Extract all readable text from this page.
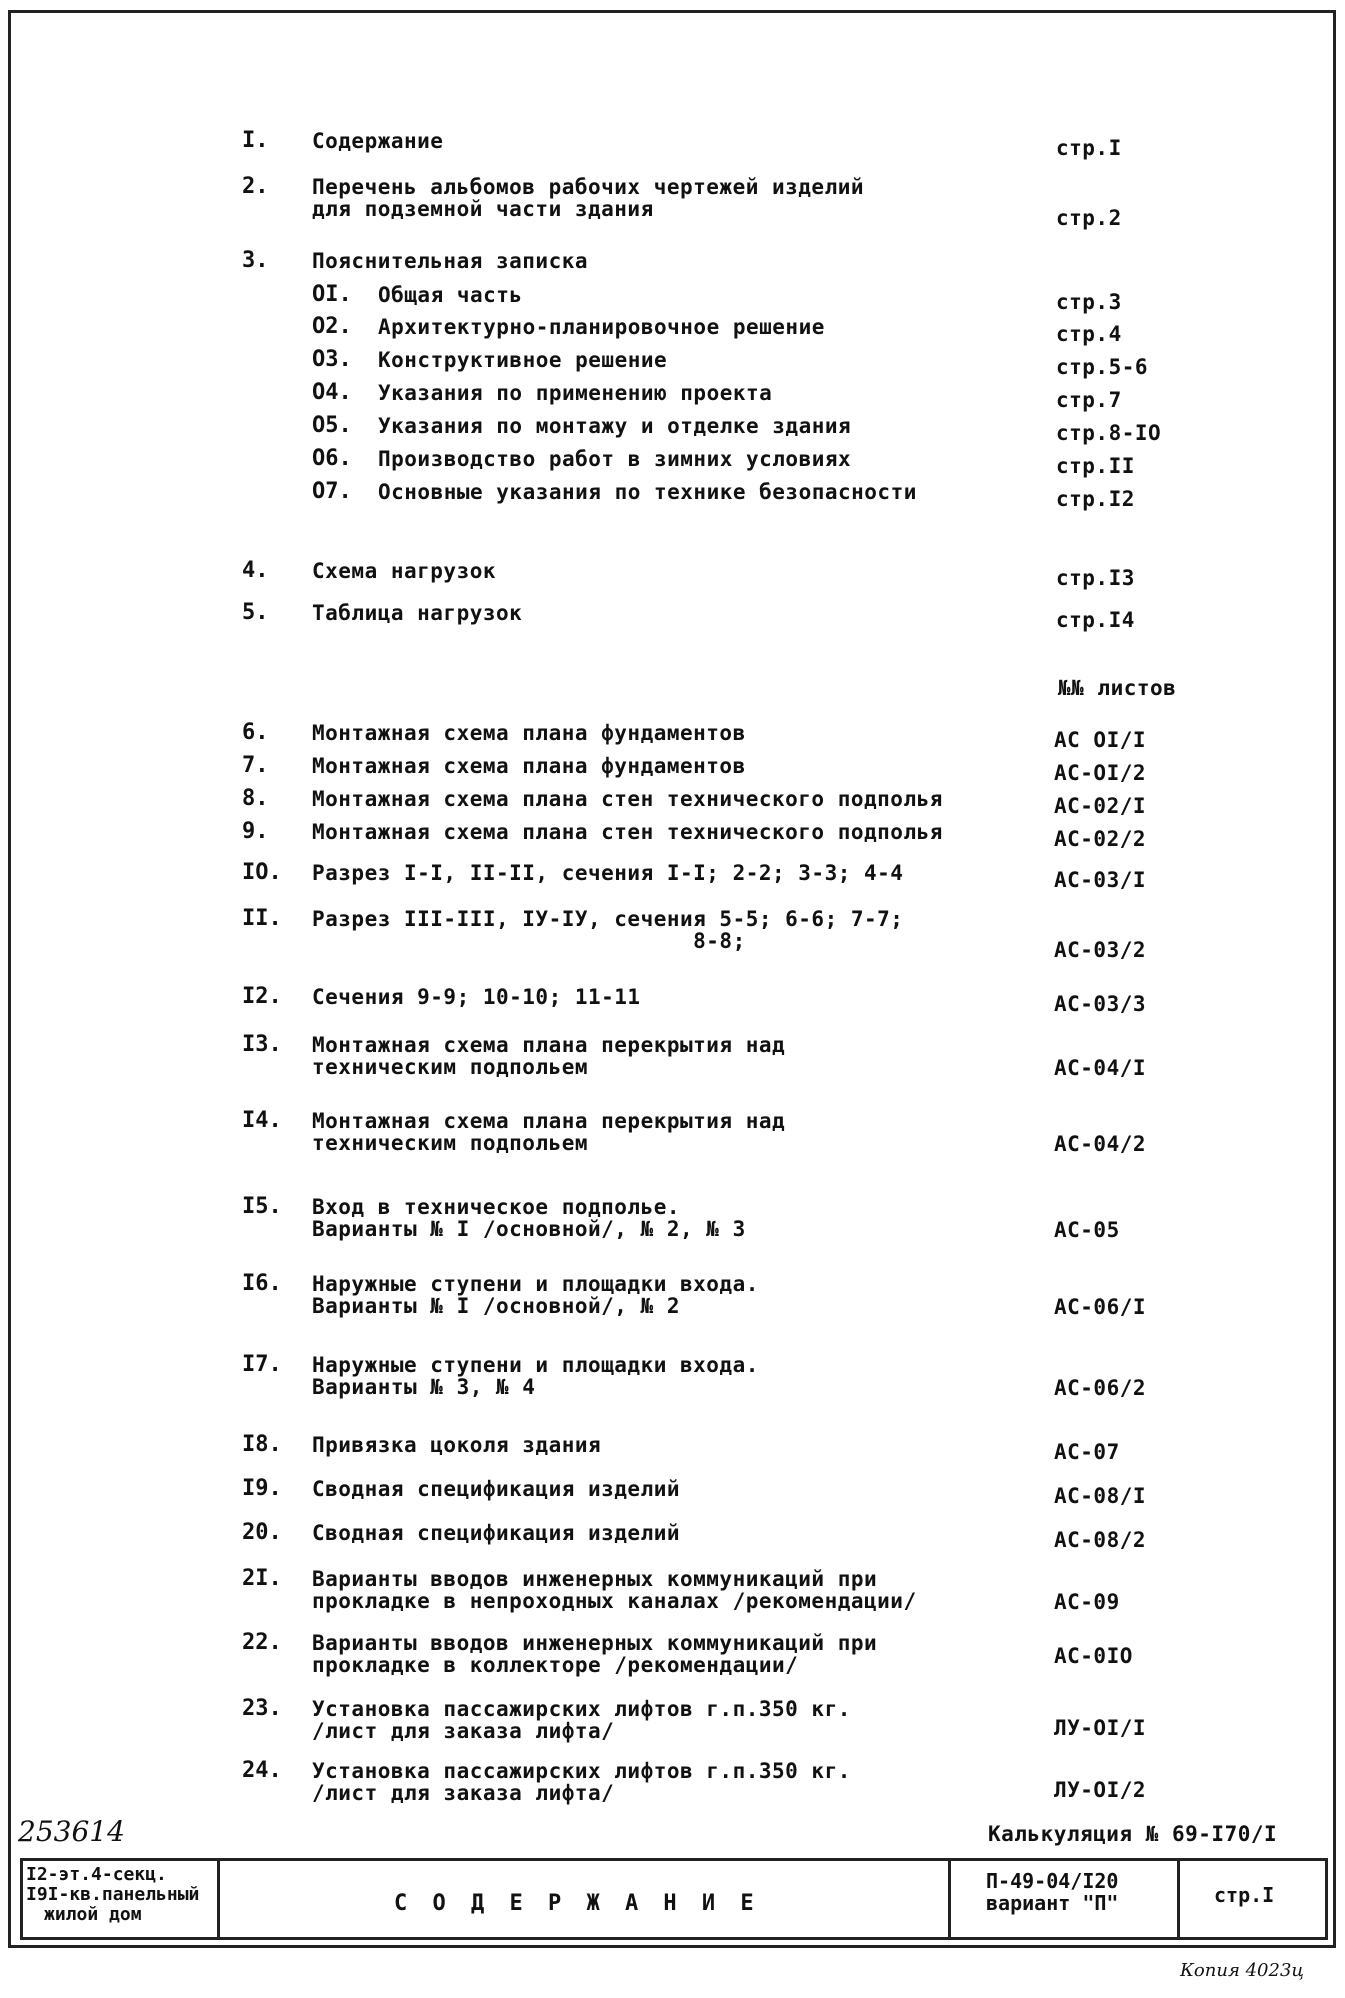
I. Содержание	стр.I
2. Перечень альбомов рабочих чертежей изделий
для подземной части здания	стр.2
3. Пояснительная записка
OI. Общая часть	стр.3
O2. Архитектурно-планировочное решение	стр.4
O3. Конструктивное решение	стр.5-6
O4. Указания по применению проекта	стр.7
O5. Указания по монтажу и отделке здания	стр.8-IO
O6. Производство работ в зимних условиях	стр.II
O7. Основные указания по технике безопасности	стр.I2
4. Схема нагрузок	стр.I3
5. Таблица нагрузок	стр.I4
6. Монтажная схема плана фундаментов	АС OI/I
7. Монтажная схема плана фундаментов	АС-OI/2
8. Монтажная схема плана стен технического подполья	АС-02/I
9. Монтажная схема плана стен технического подполья	АС-02/2
IO. Разрез I-I, II-II, сечения I-I; 2-2; 3-3; 4-4	АС-03/I
II. Разрез III-III, IУ-IУ, сечения 5-5; 6-6; 7-7;
8-8;	АС-03/2
I2. Сечения 9-9; 10-10; 11-11	АС-03/3
I3. Монтажная схема плана перекрытия над
техническим подпольем	АС-04/I
I4. Монтажная схема плана перекрытия над
техническим подпольем	АС-04/2
I5. Вход в техническое подполье.
Варианты № I /основной/, № 2, № 3	АС-05
I6. Наружные ступени и площадки входа.
Варианты № I /основной/, № 2	АС-06/I
I7. Наружные ступени и площадки входа.
Варианты № 3, № 4	АС-06/2
I8. Привязка цоколя здания	АС-07
I9. Сводная спецификация изделий	АС-08/I
20. Сводная спецификация изделий	АС-08/2
2I. Варианты вводов инженерных коммуникаций при
прокладке в непроходных каналах /рекомендации/	АС-09
22. Варианты вводов инженерных коммуникаций при
прокладке в коллекторе /рекомендации/	АС-0IO
23. Установка пассажирских лифтов г.п.350 кг.
/лист для заказа лифта/	ЛУ-OI/I
24. Установка пассажирских лифтов г.п.350 кг.
/лист для заказа лифта/	ЛУ-OI/2
№№ листов
253614	Калькуляция № 69-I70/I
I2-эт.4-секц.
I9I-кв.панельный
жилой дом	С О Д Е Р Ж А Н И Е
П-49-04/I20
вариант "П"	стр.I
Копия 4023ц
